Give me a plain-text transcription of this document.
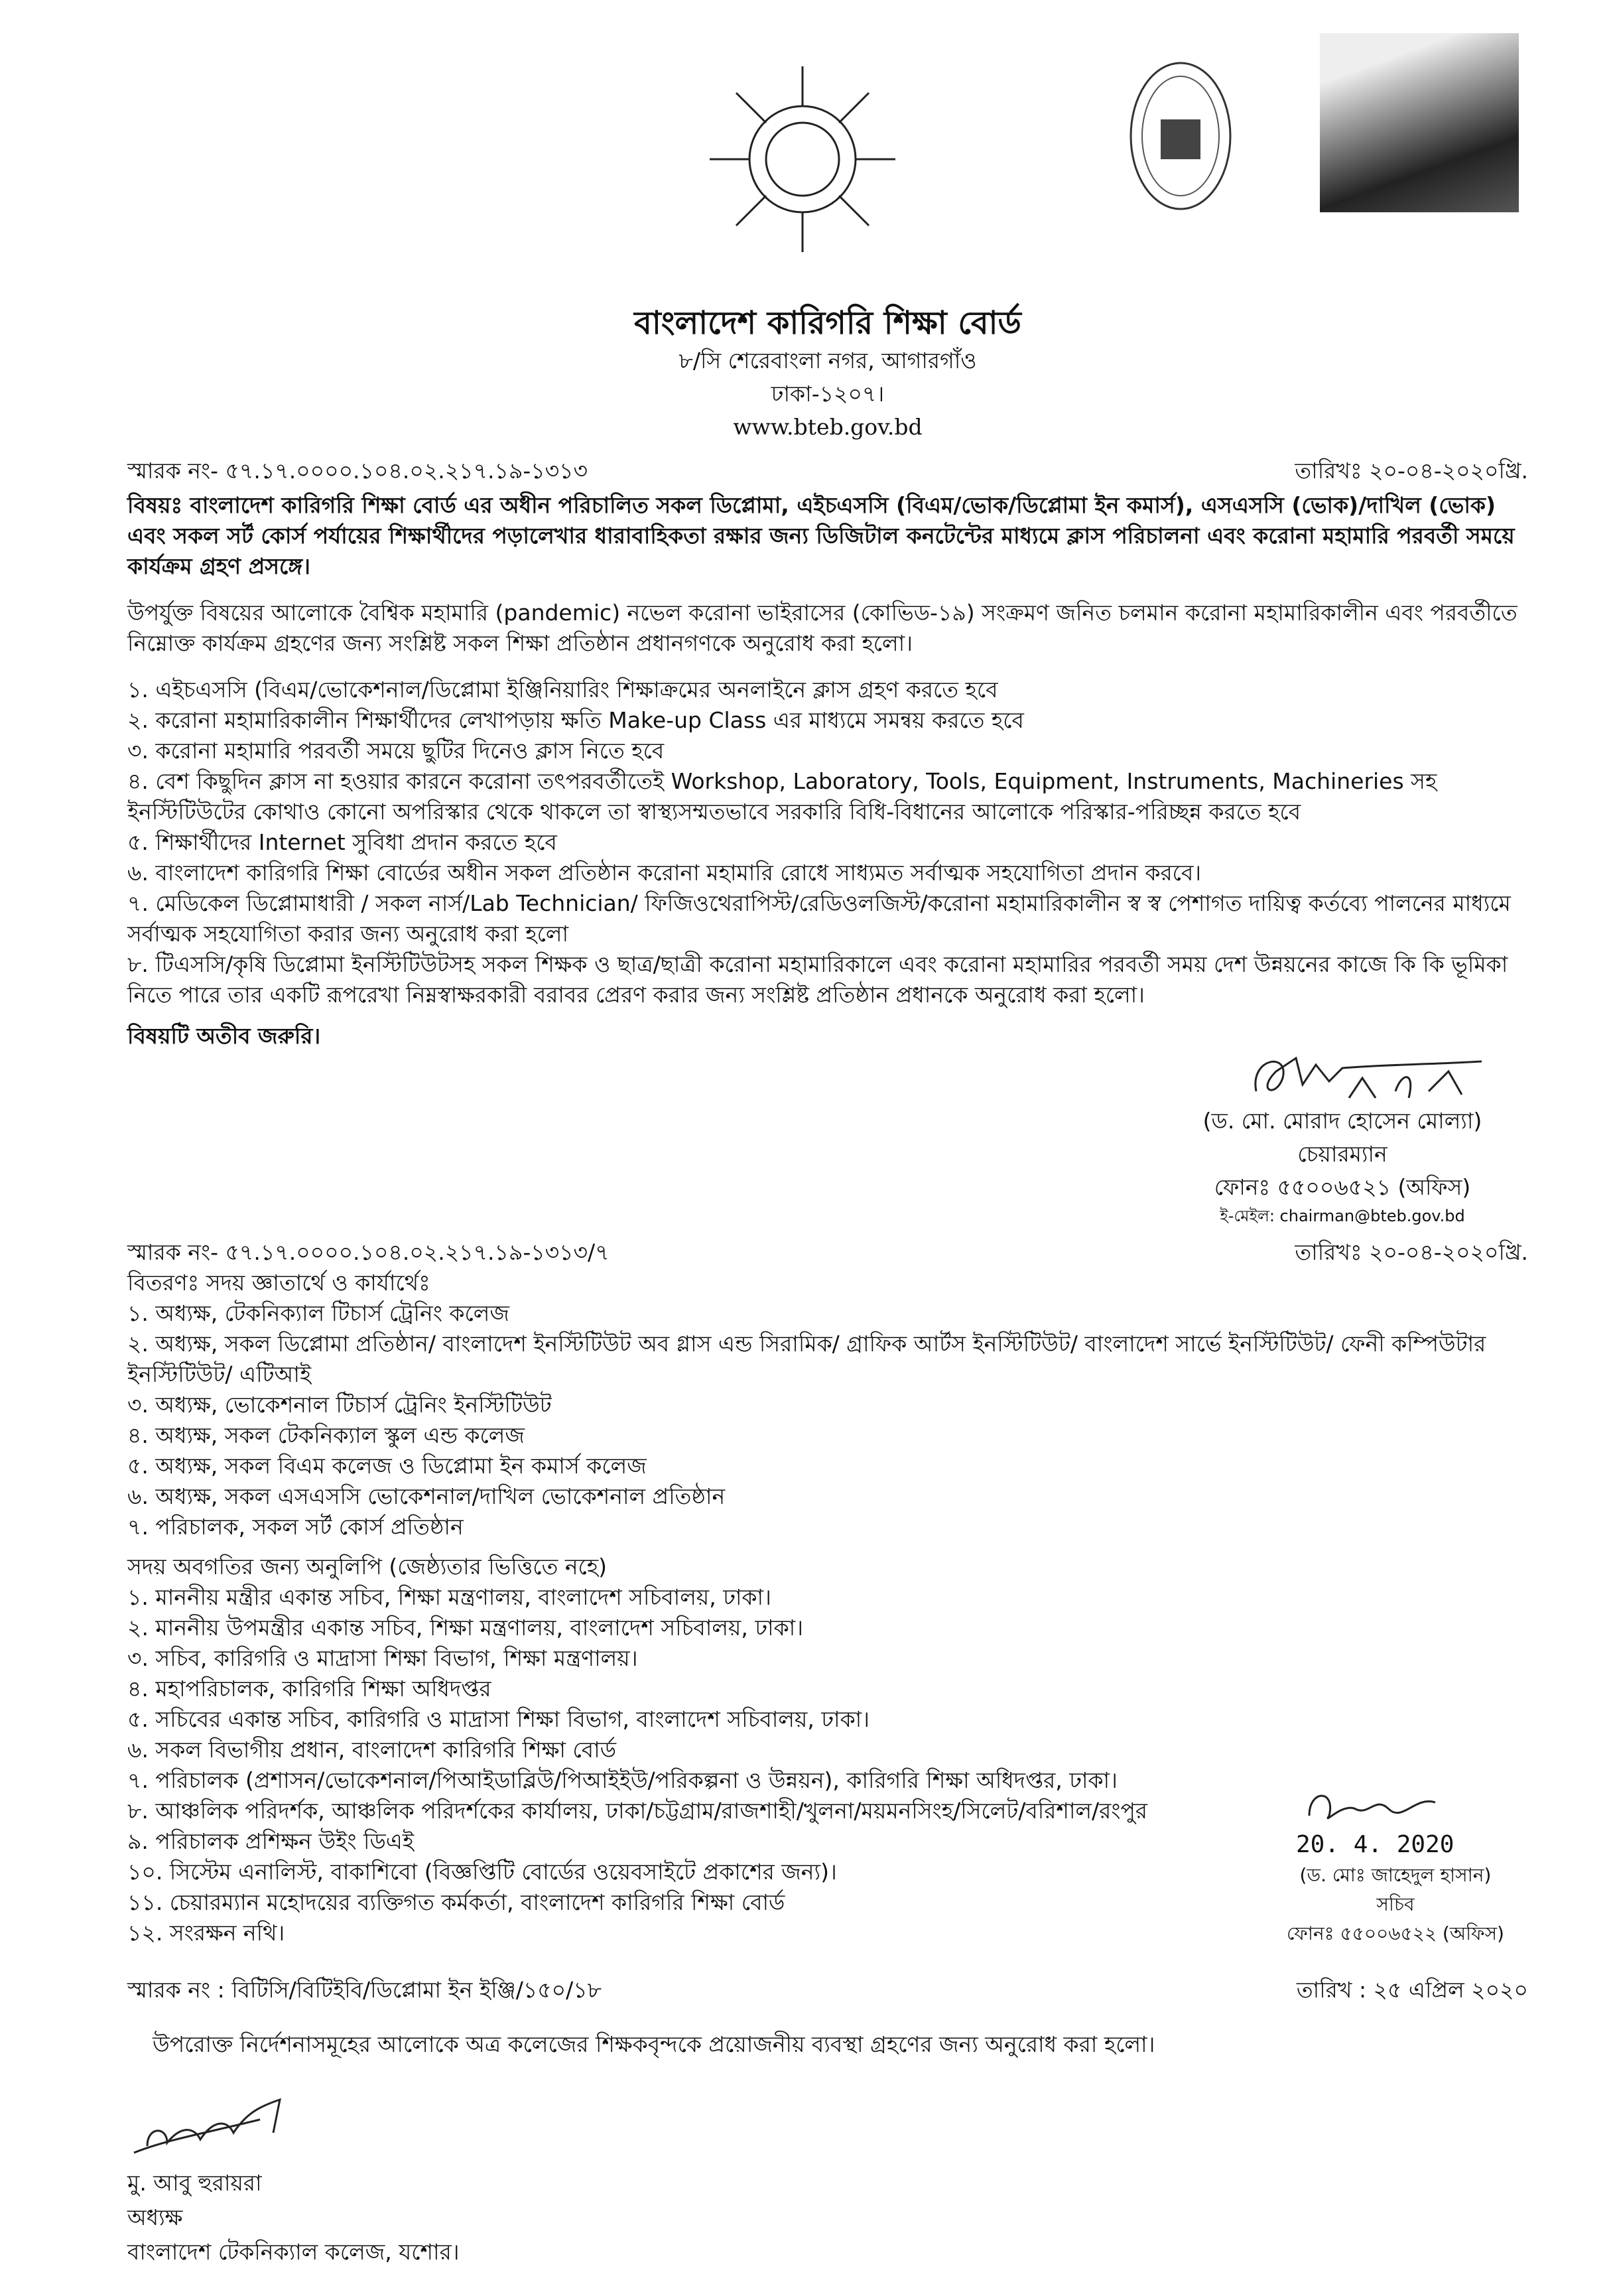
বাংলাদেশ কারিগরি শিক্ষা বোর্ড
৮/সি শেরেবাংলা নগর, আগারগাঁও
ঢাকা-১২০৭।
www.bteb.gov.bd
স্মারক নং- ৫৭.১৭.০০০০.১০৪.০২.২১৭.১৯-১৩১৩	তারিখঃ ২০-০৪-২০২০খ্রি.

বিষয়ঃ বাংলাদেশ কারিগরি শিক্ষা বোর্ড এর অধীন পরিচালিত সকল ডিপ্লোমা, এইচএসসি (বিএম/ভোক/ডিপ্লোমা ইন কমার্স), এসএসসি (ভোক)/দাখিল (ভোক) এবং সকল সর্ট কোর্স পর্যায়ের শিক্ষার্থীদের পড়ালেখার ধারাবাহিকতা রক্ষার জন্য ডিজিটাল কনটেন্টের মাধ্যমে ক্লাস পরিচালনা এবং করোনা মহামারি পরবর্তী সময়ে কার্যক্রম গ্রহণ প্রসঙ্গে।

উপর্যুক্ত বিষয়ের আলোকে বৈশ্বিক মহামারি (pandemic) নভেল করোনা ভাইরাসের (কোভিড-১৯) সংক্রমণ জনিত চলমান করোনা মহামারিকালীন এবং পরবর্তীতে নিম্নোক্ত কার্যক্রম গ্রহণের জন্য সংশ্লিষ্ট সকল শিক্ষা প্রতিষ্ঠান প্রধানগণকে অনুরোধ করা হলো।

১. এইচএসসি (বিএম/ভোকেশনাল/ডিপ্লোমা ইঞ্জিনিয়ারিং শিক্ষাক্রমের অনলাইনে ক্লাস গ্রহণ করতে হবে
২. করোনা মহামারিকালীন শিক্ষার্থীদের লেখাপড়ায় ক্ষতি Make-up Class এর মাধ্যমে সমন্বয় করতে হবে
৩. করোনা মহামারি পরবর্তী সময়ে ছুটির দিনেও ক্লাস নিতে হবে
৪. বেশ কিছুদিন ক্লাস না হওয়ার কারনে করোনা তৎপরবর্তীতেই Workshop, Laboratory, Tools, Equipment, Instruments, Machineries সহ ইনস্টিটিউটের কোথাও কোনো অপরিস্কার থেকে থাকলে তা স্বাস্থ্যসম্মতভাবে সরকারি বিধি-বিধানের আলোকে পরিস্কার-পরিচ্ছন্ন করতে হবে
৫. শিক্ষার্থীদের Internet সুবিধা প্রদান করতে হবে
৬. বাংলাদেশ কারিগরি শিক্ষা বোর্ডের অধীন সকল প্রতিষ্ঠান করোনা মহামারি রোধে সাধ্যমত সর্বাত্মক সহযোগিতা প্রদান করবে।
৭. মেডিকেল ডিপ্লোমাধারী / সকল নার্স/Lab Technician/ ফিজিওথেরাপিস্ট/রেডিওলজিস্ট/করোনা মহামারিকালীন স্ব স্ব পেশাগত দায়িত্ব কর্তব্যে পালনের মাধ্যমে সর্বাত্মক সহযোগিতা করার জন্য অনুরোধ করা হলো
৮. টিএসসি/কৃষি ডিপ্লোমা ইনস্টিটিউটসহ সকল শিক্ষক ও ছাত্র/ছাত্রী করোনা মহামারিকালে এবং করোনা মহামারির পরবর্তী সময় দেশ উন্নয়নের কাজে কি কি ভূমিকা নিতে পারে তার একটি রূপরেখা নিম্নস্বাক্ষরকারী বরাবর প্রেরণ করার জন্য সংশ্লিষ্ট প্রতিষ্ঠান প্রধানকে অনুরোধ করা হলো।
বিষয়টি অতীব জরুরি।
(ড. মো. মোরাদ হোসেন মোল্যা)
চেয়ারম্যান
ফোনঃ ৫৫০০৬৫২১ (অফিস)
ই-মেইল: chairman@bteb.gov.bd
স্মারক নং- ৫৭.১৭.০০০০.১০৪.০২.২১৭.১৯-১৩১৩/৭	তারিখঃ ২০-০৪-২০২০খ্রি.
বিতরণঃ সদয় জ্ঞাতার্থে ও কার্যার্থেঃ
১. অধ্যক্ষ, টেকনিক্যাল টিচার্স ট্রেনিং কলেজ
২. অধ্যক্ষ, সকল ডিপ্লোমা প্রতিষ্ঠান/ বাংলাদেশ ইনস্টিটিউট অব গ্লাস এন্ড সিরামিক/ গ্রাফিক আর্টস ইনস্টিটিউট/ বাংলাদেশ সার্ভে ইনস্টিটিউট/ ফেনী কম্পিউটার ইনস্টিটিউট/ এটিআই
৩. অধ্যক্ষ, ভোকেশনাল টিচার্স ট্রেনিং ইনস্টিটিউট
৪. অধ্যক্ষ, সকল টেকনিক্যাল স্কুল এন্ড কলেজ
৫. অধ্যক্ষ, সকল বিএম কলেজ ও ডিপ্লোমা ইন কমার্স কলেজ
৬. অধ্যক্ষ, সকল এসএসসি ভোকেশনাল/দাখিল ভোকেশনাল প্রতিষ্ঠান
৭. পরিচালক, সকল সর্ট কোর্স প্রতিষ্ঠান
সদয় অবগতির জন্য অনুলিপি (জেষ্ঠ্যতার ভিত্তিতে নহে)
১. মাননীয় মন্ত্রীর একান্ত সচিব, শিক্ষা মন্ত্রণালয়, বাংলাদেশ সচিবালয়, ঢাকা।
২. মাননীয় উপমন্ত্রীর একান্ত সচিব, শিক্ষা মন্ত্রণালয়, বাংলাদেশ সচিবালয়, ঢাকা।
৩. সচিব, কারিগরি ও মাদ্রাসা শিক্ষা বিভাগ, শিক্ষা মন্ত্রণালয়।
৪. মহাপরিচালক, কারিগরি শিক্ষা অধিদপ্তর
৫. সচিবের একান্ত সচিব, কারিগরি ও মাদ্রাসা শিক্ষা বিভাগ, বাংলাদেশ সচিবালয়, ঢাকা।
৬. সকল বিভাগীয় প্রধান, বাংলাদেশ কারিগরি শিক্ষা বোর্ড
৭. পরিচালক (প্রশাসন/ভোকেশনাল/পিআইডাব্লিউ/পিআইইউ/পরিকল্পনা ও উন্নয়ন), কারিগরি শিক্ষা অধিদপ্তর, ঢাকা।
৮. আঞ্চলিক পরিদর্শক, আঞ্চলিক পরিদর্শকের কার্যালয়, ঢাকা/চট্টগ্রাম/রাজশাহী/খুলনা/ময়মনসিংহ/সিলেট/বরিশাল/রংপুর
৯. পরিচালক প্রশিক্ষন উইং ডিএই
১০. সিস্টেম এনালিস্ট, বাকাশিবো (বিজ্ঞপ্তিটি বোর্ডের ওয়েবসাইটে প্রকাশের জন্য)।
১১. চেয়ারম্যান মহোদয়ের ব্যক্তিগত কর্মকর্তা, বাংলাদেশ কারিগরি শিক্ষা বোর্ড
১২. সংরক্ষন নথি।
20. 4. 2020
(ড. মোঃ জাহেদুল হাসান)
সচিব
ফোনঃ ৫৫০০৬৫২২ (অফিস)
স্মারক নং : বিটিসি/বিটিইবি/ডিপ্লোমা ইন ইঞ্জি/১৫০/১৮	তারিখ : ২৫ এপ্রিল ২০২০

উপরোক্ত নির্দেশনাসমূহের আলোকে অত্র কলেজের শিক্ষকবৃন্দকে প্রয়োজনীয় ব্যবস্থা গ্রহণের জন্য অনুরোধ করা হলো।

মু. আবু হুরায়রা
অধ্যক্ষ
বাংলাদেশ টেকনিক্যাল কলেজ, যশোর।
